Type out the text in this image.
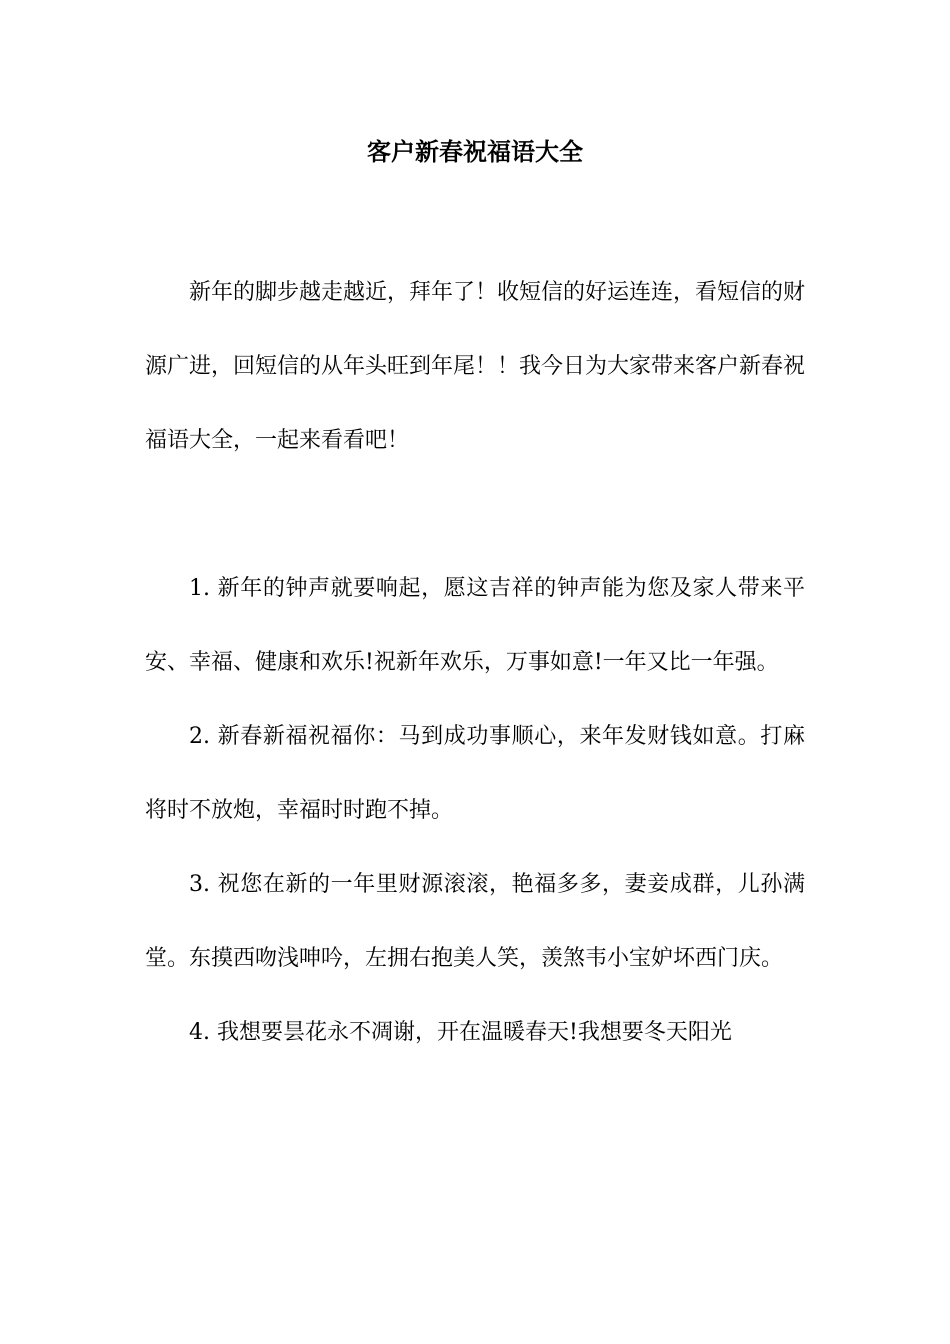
客户新春祝福语大全

新年的脚步越走越近，拜年了！收短信的好运连连，看短信的财源广进，回短信的从年头旺到年尾！！我今日为大家带来客户新春祝福语大全，一起来看看吧！

1. 新年的钟声就要响起，愿这吉祥的钟声能为您及家人带来平安、幸福、健康和欢乐!祝新年欢乐，万事如意!一年又比一年强。

2. 新春新福祝福你：马到成功事顺心，来年发财钱如意。打麻将时不放炮，幸福时时跑不掉。

3. 祝您在新的一年里财源滚滚，艳福多多，妻妾成群，儿孙满堂。东摸西吻浅呻吟，左拥右抱美人笑，羡煞韦小宝妒坏西门庆。

4. 我想要昙花永不凋谢，开在温暖春天!我想要冬天阳光
